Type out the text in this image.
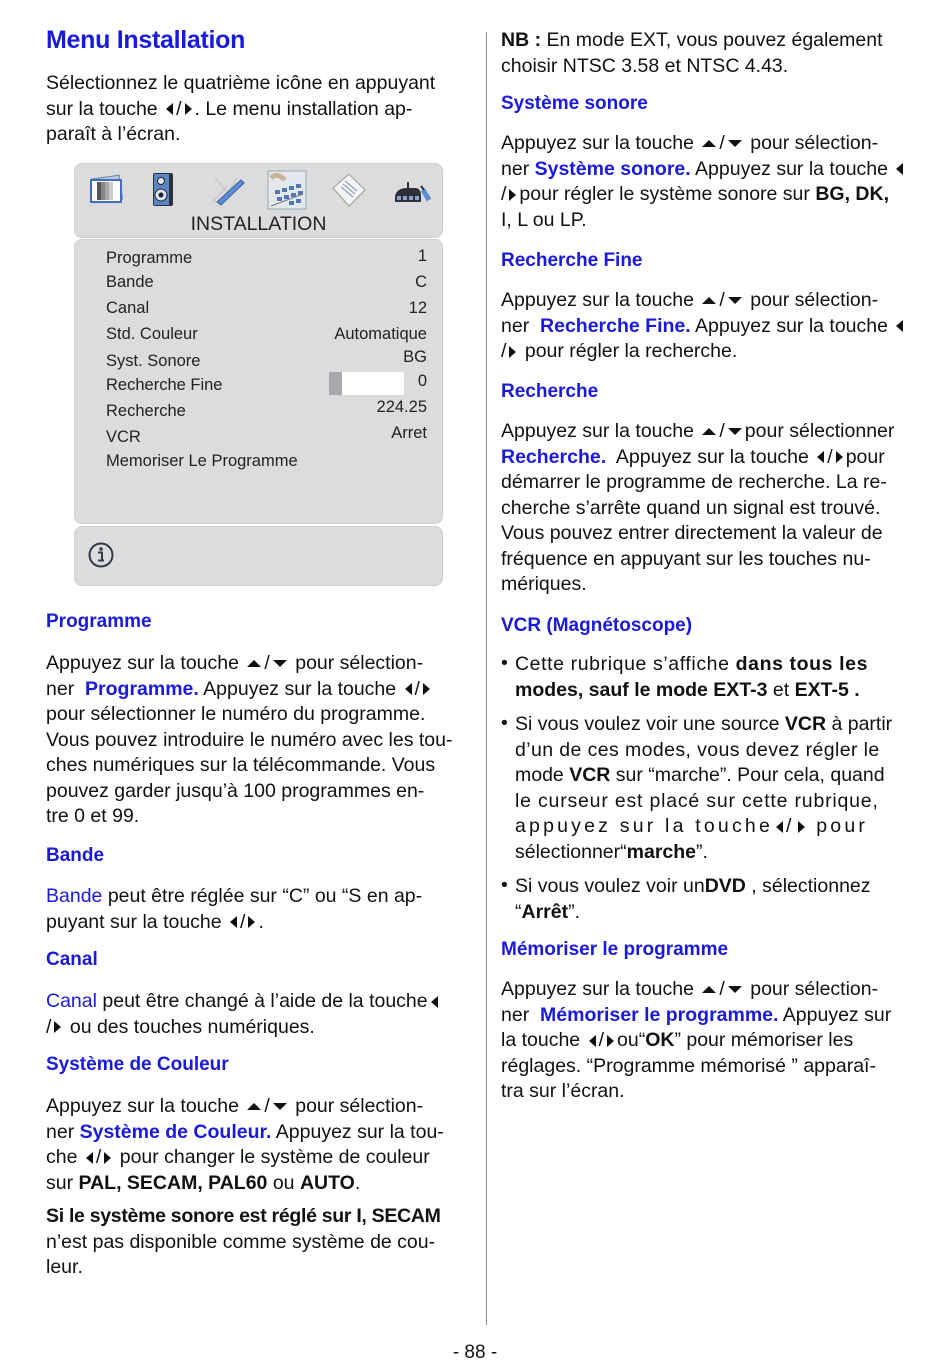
Menu Installation
Sélectionnez le quatrième icône en appuyant
sur la touche / . Le menu installation ap-
paraît à l’écran.
INSTALLATION
Programme	1
Bande	C
Canal	12
Std. Couleur	Automatique
Syst. Sonore	BG
Recherche Fine	0
Recherche	224.25
VCR	Arret
Memoriser Le Programme
Programme
Appuyez sur la touche / pour sélection-
ner Programme. Appuyez sur la touche /
pour sélectionner le numéro du programme.
Vous pouvez introduire le numéro avec les tou-
ches numériques sur la télécommande. Vous
pouvez garder jusqu’à 100 programmes en-
tre 0 et 99.
Bande
Bande peut être réglée sur “C” ou “S en ap-
puyant sur la touche / .
Canal
Canal peut être changé à l’aide de la touche
/ ou des touches numériques.
Système de Couleur
Appuyez sur la touche / pour sélection-
ner Système de Couleur. Appuyez sur la tou-
che / pour changer le système de couleur
sur PAL, SECAM, PAL60 ou AUTO.
Si le système sonore est réglé sur I, SECAM
n’est pas disponible comme système de cou-
leur.
NB : En mode EXT, vous pouvez également
choisir NTSC 3.58 et NTSC 4.43.
Système sonore
Appuyez sur la touche / pour sélection-
ner Système sonore. Appuyez sur la touche
/ pour régler le système sonore sur BG, DK,
I, L ou LP.
Recherche Fine
Appuyez sur la touche / pour sélection-
ner Recherche Fine. Appuyez sur la touche
/ pour régler la recherche.
Recherche
Appuyez sur la touche / pour sélectionner
Recherche. Appuyez sur la touche / pour
démarrer le programme de recherche. La re-
cherche s’arrête quand un signal est trouvé.
Vous pouvez entrer directement la valeur de
fréquence en appuyant sur les touches nu-
mériques.
VCR (Magnétoscope)
• Cette rubrique s’affiche dans tous les
modes, sauf le mode EXT-3 et EXT-5 .
• Si vous voulez voir une source VCR à partir
d’un de ces modes, vous devez régler le
mode VCR sur “marche”. Pour cela, quand
le curseur est placé sur cette rubrique,
appuyez sur la touche / pour
sélectionner“marche”.
• Si vous voulez voir unDVD , sélectionnez
“Arrêt”.
Mémoriser le programme
Appuyez sur la touche / pour sélection-
ner Mémoriser le programme. Appuyez sur
la touche / ou“OK” pour mémoriser les
réglages. “Programme mémorisé ” apparaî-
tra sur l’écran.
- 88 -
